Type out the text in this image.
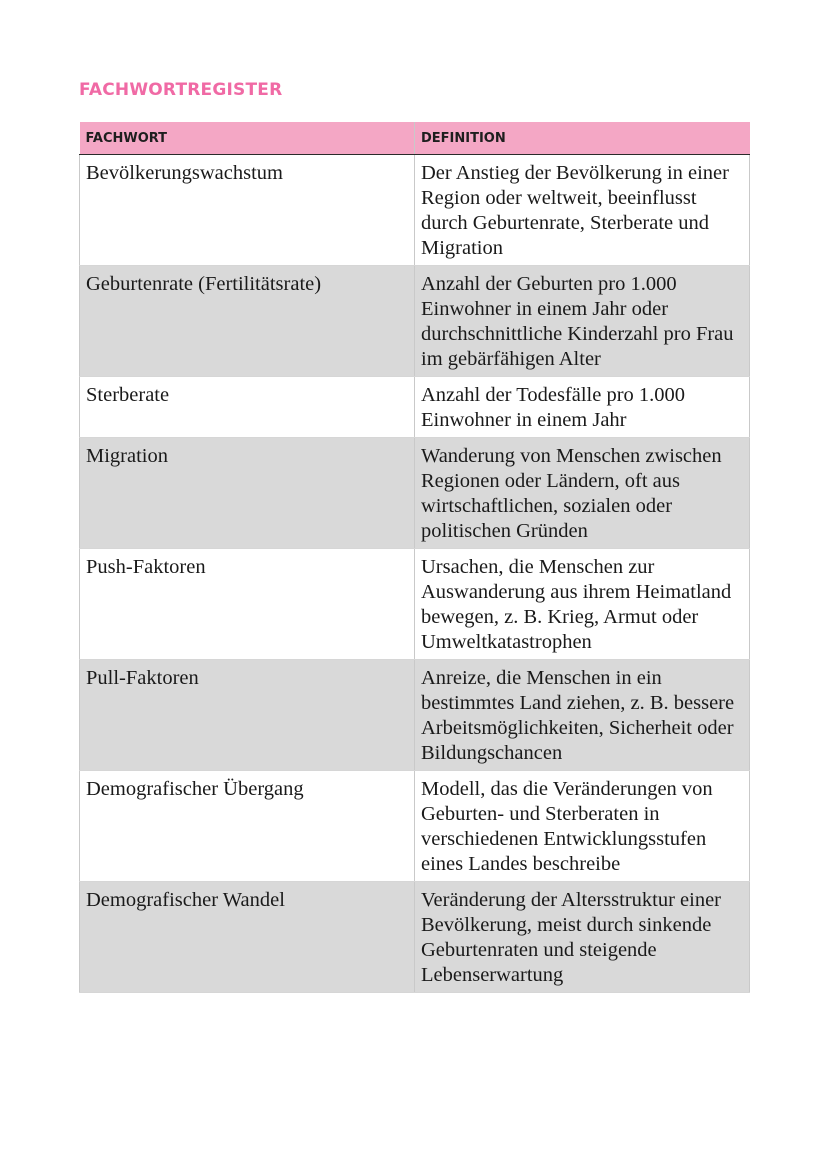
FACHWORTREGISTER
FACHWORT	DEFINITION
Bevölkerungswachstum	Der Anstieg der Bevölkerung in einer Region oder weltweit, beeinflusst durch Geburtenrate, Sterberate und Migration
Geburtenrate (Fertilitätsrate)	Anzahl der Geburten pro 1.000 Einwohner in einem Jahr oder durchschnittliche Kinderzahl pro Frau im gebärfähigen Alter
Sterberate	Anzahl der Todesfälle pro 1.000 Einwohner in einem Jahr
Migration	Wanderung von Menschen zwischen Regionen oder Ländern, oft aus wirtschaftlichen, sozialen oder politischen Gründen
Push-Faktoren	Ursachen, die Menschen zur Auswanderung aus ihrem Heimatland bewegen, z. B. Krieg, Armut oder Umweltkatastrophen
Pull-Faktoren	Anreize, die Menschen in ein bestimmtes Land ziehen, z. B. bessere Arbeitsmöglichkeiten, Sicherheit oder Bildungschancen
Demografischer Übergang	Modell, das die Veränderungen von Geburten- und Sterberaten in verschiedenen Entwicklungsstufen eines Landes beschreibe
Demografischer Wandel	Veränderung der Altersstruktur einer Bevölkerung, meist durch sinkende Geburtenraten und steigende Lebenserwartung
